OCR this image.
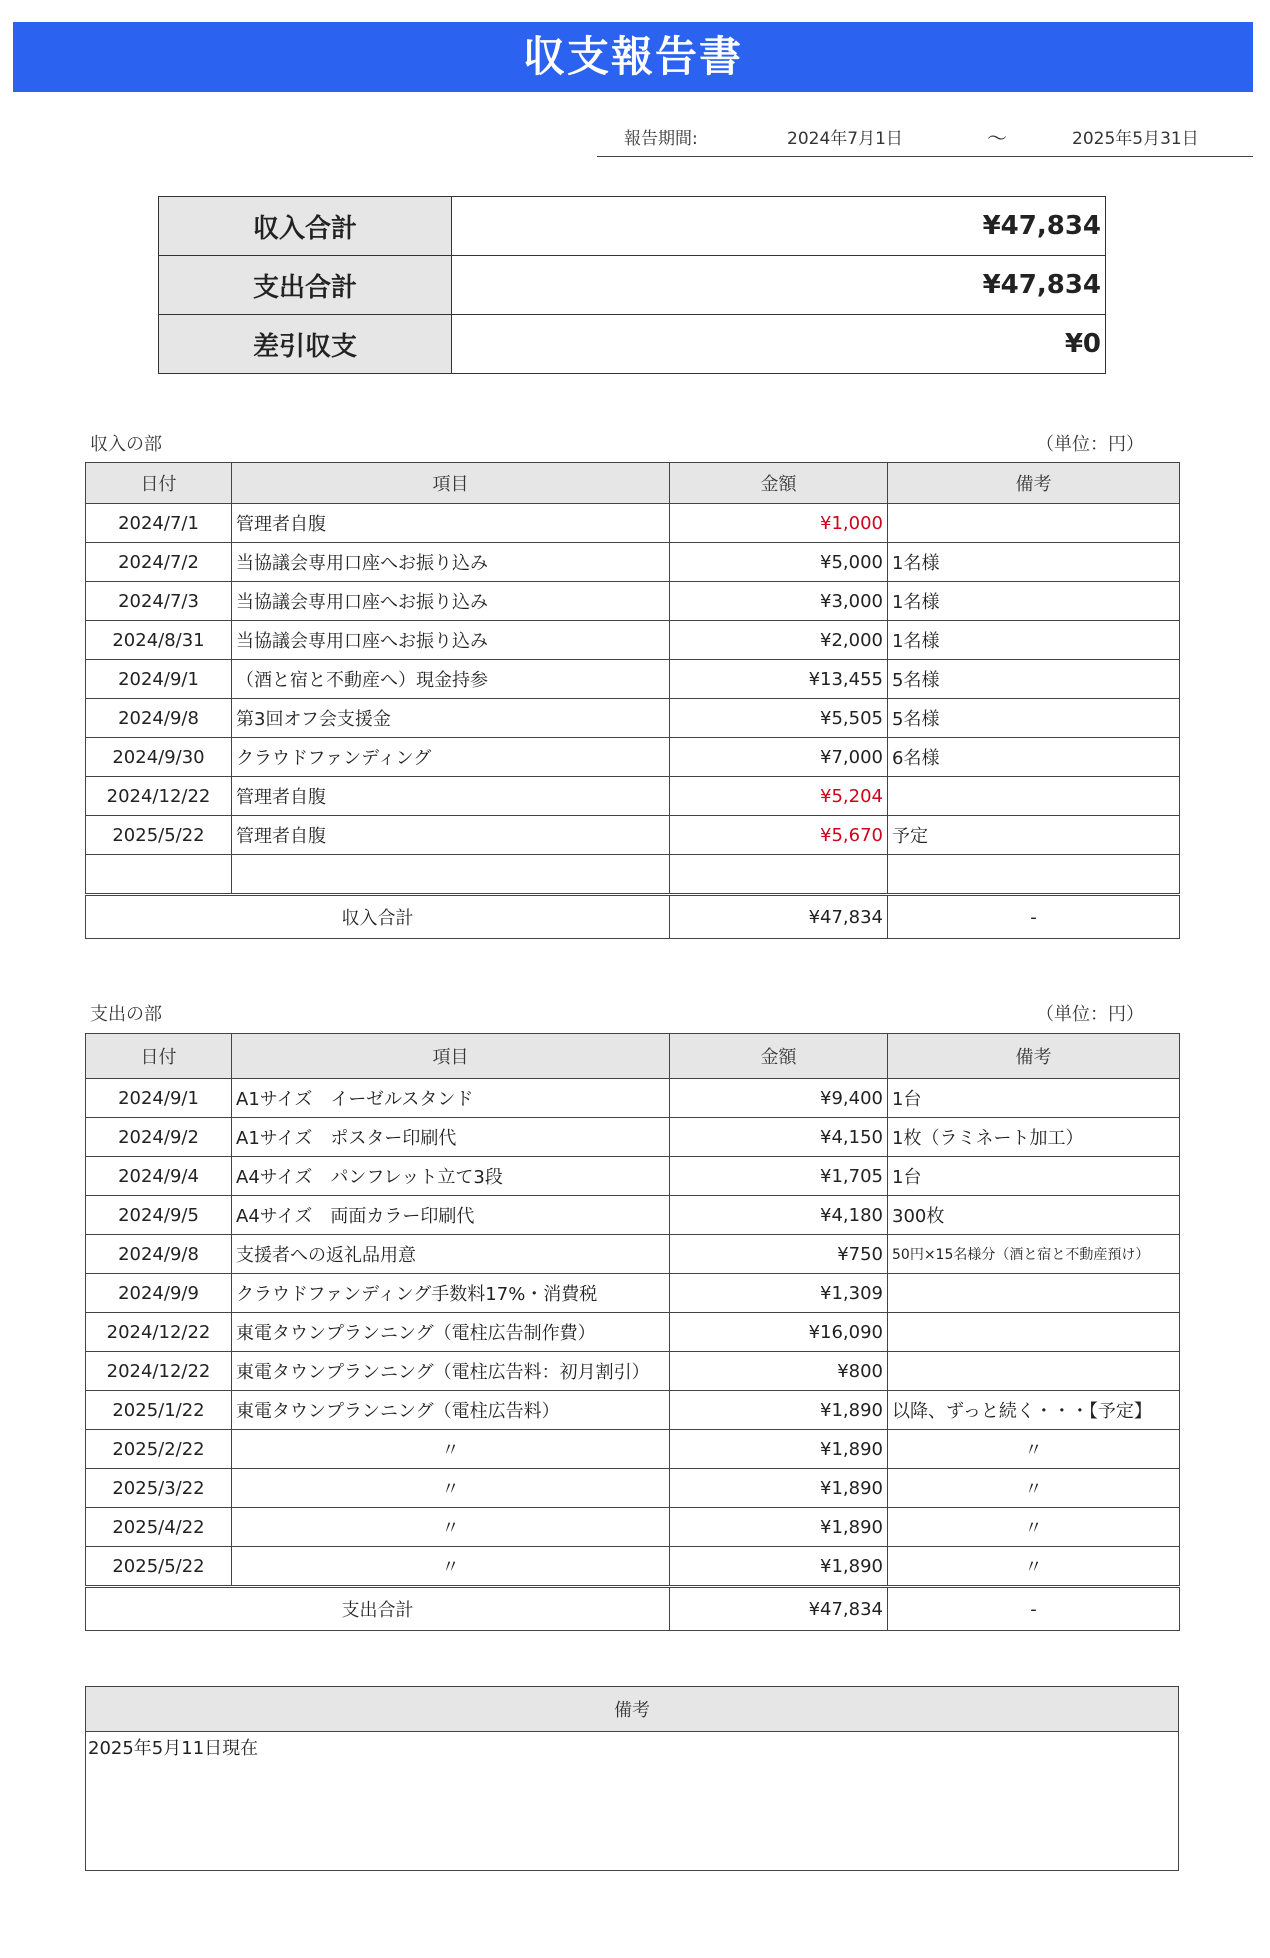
収支報告書
報告期間:	2024年7月1日	～	2025年5月31日
収入合計	¥47,834
支出合計	¥47,834
差引収支	¥0
収入の部	（単位：円）
日付	項目	金額	備考
2024/7/1	管理者自腹	¥1,000	
2024/7/2	当協議会専用口座へお振り込み	¥5,000	1名様
2024/7/3	当協議会専用口座へお振り込み	¥3,000	1名様
2024/8/31	当協議会専用口座へお振り込み	¥2,000	1名様
2024/9/1	（酒と宿と不動産へ）現金持参	¥13,455	5名様
2024/9/8	第3回オフ会支援金	¥5,505	5名様
2024/9/30	クラウドファンディング	¥7,000	6名様
2024/12/22	管理者自腹	¥5,204	
2025/5/22	管理者自腹	¥5,670	予定

収入合計		¥47,834	-
支出の部	（単位：円）
日付	項目	金額	備考
2024/9/1	A1サイズ　イーゼルスタンド	¥9,400	1台
2024/9/2	A1サイズ　ポスター印刷代	¥4,150	1枚（ラミネート加工）
2024/9/4	A4サイズ　パンフレット立て3段	¥1,705	1台
2024/9/5	A4サイズ　両面カラー印刷代	¥4,180	300枚
2024/9/8	支援者への返礼品用意	¥750	50円×15名様分（酒と宿と不動産預け）
2024/9/9	クラウドファンディング手数料17%・消費税	¥1,309	
2024/12/22	東電タウンプランニング（電柱広告制作費）	¥16,090	
2024/12/22	東電タウンプランニング（電柱広告料：初月割引）	¥800	
2025/1/22	東電タウンプランニング（電柱広告料）	¥1,890	以降、ずっと続く・・・【予定】
2025/2/22	〃	¥1,890	〃
2025/3/22	〃	¥1,890	〃
2025/4/22	〃	¥1,890	〃
2025/5/22	〃	¥1,890	〃
支出合計		¥47,834	-
備考
2025年5月11日現在
